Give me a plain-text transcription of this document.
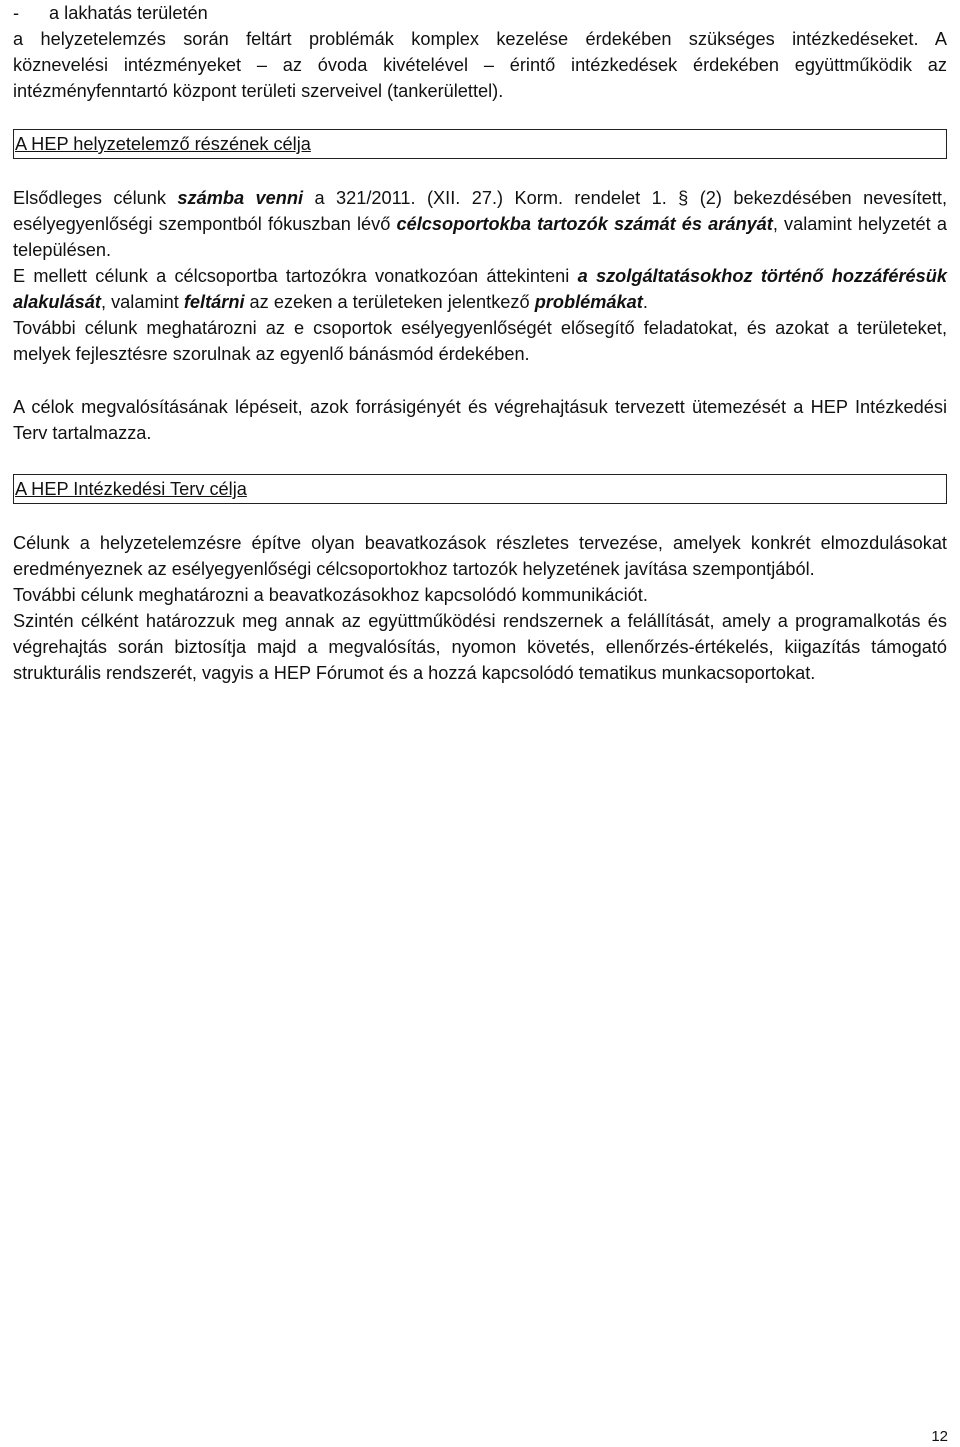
- a lakhatás területén

a helyzetelemzés során feltárt problémák komplex kezelése érdekében szükséges intézkedéseket. A

köznevelési intézményeket – az óvoda kivételével – érintő intézkedések érdekében együttműködik az

intézményfenntartó központ területi szerveivel (tankerülettel).

A HEP helyzetelemző részének célja

Elsődleges célunk számba venni a 321/2011. (XII. 27.) Korm. rendelet 1. § (2) bekezdésében nevesített, esélyegyenlőségi szempontból fókuszban lévő célcsoportokba tartozók számát és arányát, valamint helyzetét a településen.

E mellett célunk a célcsoportba tartozókra vonatkozóan áttekinteni a szolgáltatásokhoz történő hozzáférésük alakulását, valamint feltárni az ezeken a területeken jelentkező problémákat.

További célunk meghatározni az e csoportok esélyegyenlőségét elősegítő feladatokat, és azokat a területeket, melyek fejlesztésre szorulnak az egyenlő bánásmód érdekében.

A célok megvalósításának lépéseit, azok forrásigényét és végrehajtásuk tervezett ütemezését a HEP Intézkedési Terv tartalmazza.

A HEP Intézkedési Terv célja

Célunk a helyzetelemzésre építve olyan beavatkozások részletes tervezése, amelyek konkrét elmozdulásokat eredményeznek az esélyegyenlőségi célcsoportokhoz tartozók helyzetének javítása szempontjából.

További célunk meghatározni a beavatkozásokhoz kapcsolódó kommunikációt.

Szintén célként határozzuk meg annak az együttműködési rendszernek a felállítását, amely a programalkotás és végrehajtás során biztosítja majd a megvalósítás, nyomon követés, ellenőrzés-értékelés, kiigazítás támogató strukturális rendszerét, vagyis a HEP Fórumot és a hozzá kapcsolódó tematikus munkacsoportokat.

12
